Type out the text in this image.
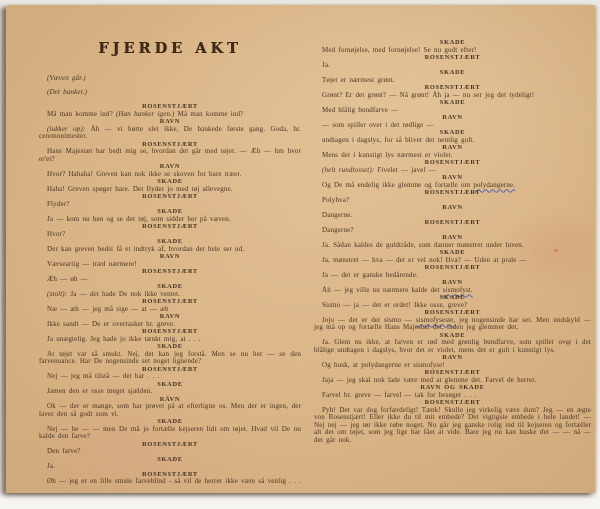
FJERDE AKT

(Væven går.)

(Det banker.)

ROSENSTJÆRT

Må man komme ind? (Han banker igen.) Må man komme ind?

RAVN

(lukker op): Åh — vi hørte slet ikke, De bankede første gang. Goda, hr. ceremonimester.

ROSENSTJÆRT

Hans Majestæt har bedt mig se, hvordan det går med tøjet. — Æh — hm hvor er'et?

RAVN

Hvor? Hahaha! Greven kan nok ikke se skoven for bare træer.

SKADE

Haha! Greven spøger bare. Det flyder jo med tøj allevegne.

ROSENSTJÆRT

Flyder?

SKADE

Ja — kom nu hen og se det tøj, som sidder her på væven.

ROSENSTJÆRT

Hvor?

SKADE

Der kan greven bedst få et indtryk af, hvordan det hele ser ud.

RAVN

Værseartig — træd nærmere!

ROSENSTJÆRT

Æh — øh —

SKADE

(stolt): Ja — det hade De nok ikke ventet.

ROSENSTJÆRT

Næ — æh — jeg må sige — at — æh

RAVN

Ikke sandt — De er overrasket hr. greve.

ROSENSTJÆRT

Ja unægtelig. Jeg hade jo ikke tænkt mig, at . . .

SKADE

At tøjet var så smukt. Nej, det kan jeg forstå. Men se nu her — se den farvenuance. Har De nogensinde set noget lignende?

ROSENSTJÆRT

Nej — jeg må tilstå — det har . . .

SKADE

Jamen den er osse meget sjælden.

RAVN

Ok — der er mange, som har prøvet på at efterligne os. Men der er ingen, der laver den så godt som vi.

SKADE

Nej — he — — men De må jo fortælle kejseren lidt om tøjet. Hvad vil De nu kalde den farve?

ROSENSTJÆRT

Den farve?

SKADE

Ja.

ROSENSTJÆRT

Øh — jeg er en lille smule farveblind - så vil de herrer ikke være så venlig . . .

SKADE

Med fornøjelse, med fornøjelse! Se nu godt efter!

ROSENSTJÆRT

Ja.

SKADE

Tøjet er nærmest grønt.

ROSENSTJÆRT

Grønt? Er det grønt? — Nå grønt! Åh ja — nu ser jeg det tydeligt!

SKADE

Med blålig bundfarve —

RAVN

— som spiller over i det rødlige —

SKADE

undtagen i dagslys, for så bliver det nemlig gult.

RAVN

Mens det i kunstigt lys nærmest er violet.

ROSENSTJÆRT

(helt rundtosset): Fivelet — javel —

RAVN

Og De må endelig ikke glemme og fortælle om polydangerne.

ROSENSTJÆRT

Polyhva?

RAVN

Dangerne.

ROSENSTJÆRT

Dangerne?

RAVN

Ja. Sådan kaldes de guldtråde, som danner mønstret under luven.

SKADE

Ja, mønstret — hva — det er vel nok! Hva? — Uden at prale —

ROSENSTJÆRT

Ja — det er ganske bedårende.

RAVN

Åh — jeg ville nu nærmere kalde det sismofyst.

SKADE

Sismo — ja — det er ordet! Ikke osse, greve?

ROSENSTJÆRT

Jojo — det er det sismo — sismofyseste, jeg nogensinde har set. Men undskyld — jeg må op og fortælle Hans Majestæt det, inden jeg glemmer det.

SKADE

Ja. Glem nu ikke, at farven er rød med grønlig bundfarve, som spiller over i det blålige undtagen i dagslys, hvor det er violet, mens det er gult i kunstigt lys.

RAVN

Og husk, at polydangerne er sismofyse!

ROSENSTJÆRT

Jaja — jeg skal nok lade være med at glemme det. Farvel de herrer.

RAVN OG SKADE

Farvel hr. greve — farvel — tak for besøget . . .

ROSENSTJÆRT

Pyh! Det var dog forfærdeligt! Tænk! Skulle jeg virkelig være dum? Jeg — en ægte von Rosenstjært! Eller ikke du til mit embede? Det vigtigste embede i hele landet! — Nej nej — jeg tør ikke røbe noget. Nu går jeg ganske rolig ind til kejseren og fortæller alt det om tøjet, som jeg lige har fået at vide. Bare jeg nu kan huske det — — nå — det går nok.
